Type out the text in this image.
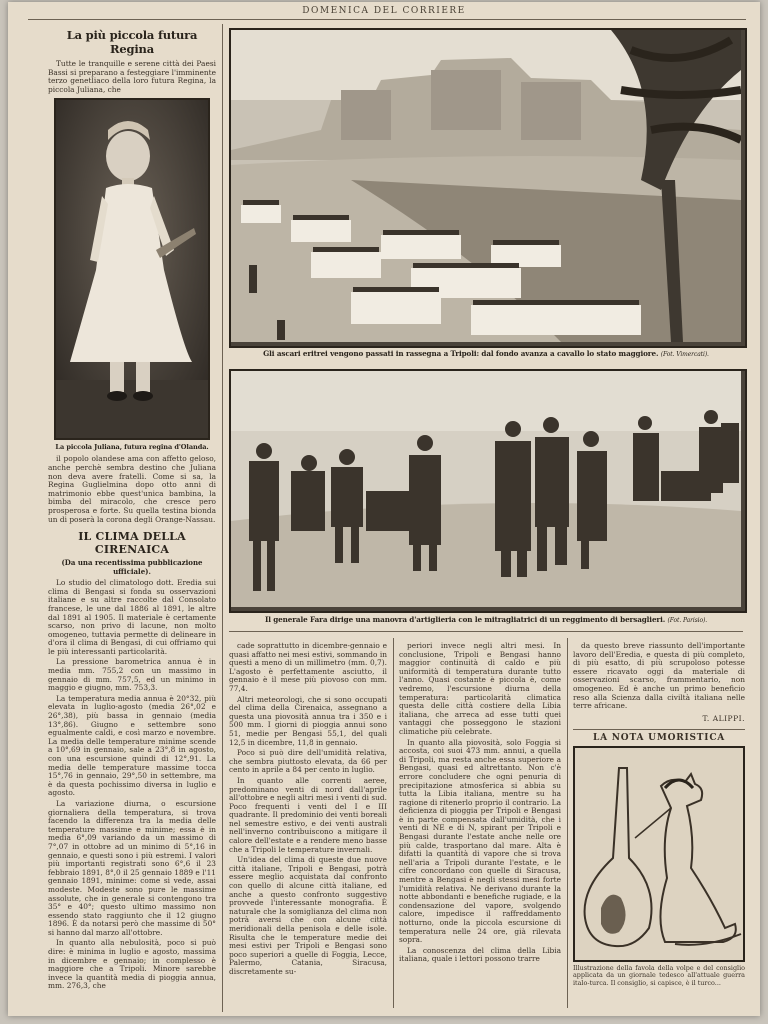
DOMENICA DEL CORRIERE
La più piccola futura Regina

Tutte le tranquille e serene città dei Paesi Bassi si preparano a festeggiare l'imminente terzo genetliaco della loro futura Regina, la piccola Juliana, che

La piccola Juliana, futura regina d'Olanda.

il popolo olandese ama con affetto geloso, anche perchè sembra destino che Juliana non deva avere fratelli. Come si sa, la Regina Guglielmina dopo otto anni di matrimonio ebbe quest'unica bambina, la bimba del miracolo, che cresce pero prosperosa e forte. Su quella testina bionda un di poserà la corona degli Orange-Nassau.

IL CLIMA DELLA CIRENAICA
(Da una recentissima pubblicazione ufficiale).

Lo studio del climatologo dott. Eredia sui clima di Bengasi si fonda su osservazioni italiane e su altre raccolte dal Consolato francese, le une dal 1886 al 1891, le altre dal 1891 al 1905. Il materiale è certamente scarso, non privo di lacune, non molto omogeneo, tuttavia permette di delineare in d'ora il clima di Bengasi, di cui offriamo qui le più interessanti particolarità.

La pressione barometrica annua è in media mm. 755,2 con un massimo in gennaio di mm. 757,5, ed un minimo in maggio e giugno, mm. 753,3.

La temperatura media annua è 20°32, più elevata in luglio-agosto (media 26°,02 e 26°,38), più bassa in gennaio (media 13°,86). Giugno e settembre sono egualmente caldi, e così marzo e novembre. La media delle temperature minime scende a 10°,69 in gennaio, sale a 23°,8 in agosto, con una escursione quindi di 12°,91. La media delle temperature massime tocca 15°,76 in gennaio, 29°,50 in settembre, ma è da questa pochissimo diversa in luglio e agosto.

La variazione diurna, o escursione giornaliera della temperatura, si trova facendo la differenza tra la media delle temperature massime e minime; essa è in media 6°,09 variando da un massimo di 7°,07 in ottobre ad un minimo di 5°,16 in gennaio, e questi sono i più estremi. I valori più importanti registrati sono 6°,6 il 23 febbraio 1891, 8°,0 il 25 gennaio 1889 e l'11 gennaio 1891, minime: come si vede, assai modeste. Modeste sono pure le massime assolute, che in generale si contengono tra 35° e 40°; questo ultimo massimo non essendo stato raggiunto che il 12 giugno 1896. È da notarsi però che massime di 50° si hanno dal marzo all'ottobre.

In quanto alla nebulosità, poco si può dire: è minima in luglio e agosto, massima in dicembre e gennaio; in complesso è maggiore che a Tripoli. Minore sarebbe invece la quantità media di pioggia annua, mm. 276,3, che

Gli ascari eritrei vengono passati in rassegna a Tripoli: dal fondo avanza a cavallo lo stato maggiore. (Fot. Vimercati).
Il generale Fara dirige una manovra d'artiglieria con le mitragliatrici di un reggimento di bersaglieri. (Fot. Parisio).

cade soprattutto in dicembre-gennaio e quasi affatto nei mesi estivi, sommando in questi a meno di un millimetro (mm. 0,7). L'agosto è perfettamente asciutto, il gennaio è il mese più piovoso con mm. 77,4.

Altri meteorologi, che si sono occupati del clima della Cirenaica, assegnano a questa una piovosità annua tra i 350 e i 500 mm. I giorni di pioggia annui sono 51, medie per Bengasi 55,1, del quali 12,5 in dicembre, 11,8 in gennaio.

Poco si può dire dell'umidità relativa, che sembra piuttosto elevata, da 66 per cento in aprile a 84 per cento in luglio.

In quanto alle correnti aeree, predominano venti di nord dall'aprile all'ottobre e negli altri mesi i venti di sud. Poco frequenti i venti del I e III quadrante. Il predominio dei venti boreali nel semestre estivo, e dei venti australi nell'inverno contribuiscono a mitigare il calore dell'estate e a rendere meno basse che a Tripoli le temperature invernali.

Un'idea del clima di queste due nuove città italiane, Tripoli e Bengasi, potrà essere meglio acquistata dal confronto con quello di alcune città italiane, ed anche a questo confronto suggestivo provvede l'interessante monografia. È naturale che la somiglianza del clima non potrà aversi che con alcune città meridionali della penisola e delle isole. Risulta che le temperature medie dei mesi estivi per Tripoli e Bengasi sono poco superiori a quelle di Foggia, Lecce, Palermo, Catania, Siracusa, discretamente su-

periori invece negli altri mesi. In conclusione, Tripoli e Bengasi hanno maggior continuità di caldo e più uniformità di temperatura durante tutto l'anno. Quasi costante è piccola è, come vedremo, l'escursione diurna della temperatura: particolarità climatica questa delle città costiere della Libia italiana, che arreca ad esse tutti quei vantaggi che posseggono le stazioni climatiche più celebrate.

In quanto alla piovosità, solo Foggia si accosta, coi suoi 473 mm. annui, a quella di Tripoli, ma resta anche essa superiore a Bengasi, quasi ed altrettanto. Non c'è errore concludere che ogni penuria di precipitazione atmosferica si abbia su tutta la Libia italiana, mentre su ha ragione di ritenerlo proprio il contrario. La deficienza di pioggia per Tripoli e Bengasi è in parte compensata dall'umidità, che i venti di NE e di N, spirant per Tripoli e Bengasi durante l'estate anche nelle ore più calde, trasportano dal mare. Alta è difatti la quantità di vapore che si trova nell'aria a Tripoli durante l'estate, e le cifre concordano con quelle di Siracusa, mentre a Bengasi è negli stessi mesi forte l'umidità relativa. Ne derivano durante la notte abbondanti e benefiche rugiade, e la condensazione del vapore, svolgendo calore, impedisce il raffreddamento notturno, onde la piccola escursione di temperatura nelle 24 ore, già rilevata sopra.

La conoscenza del clima della Libia italiana, quale i lettori possono trarre

da questo breve riassunto dell'importante lavoro dell'Eredia, e questa di più completo, di più esatto, di più scrupoloso potesse essere ricavato oggi da materiale di osservazioni scarso, frammentario, non omogeneo. Ed è anche un primo beneficio reso alla Scienza dalla civiltà italiana nelle terre africane.

T. ALIPPI.
LA NOTA UMORISTICA
Illustrazione della favola della volpe e del consiglio applicata da un giornale tedesco all'attuale guerra italo-turca. Il consiglio, si capisce, è il turco...
